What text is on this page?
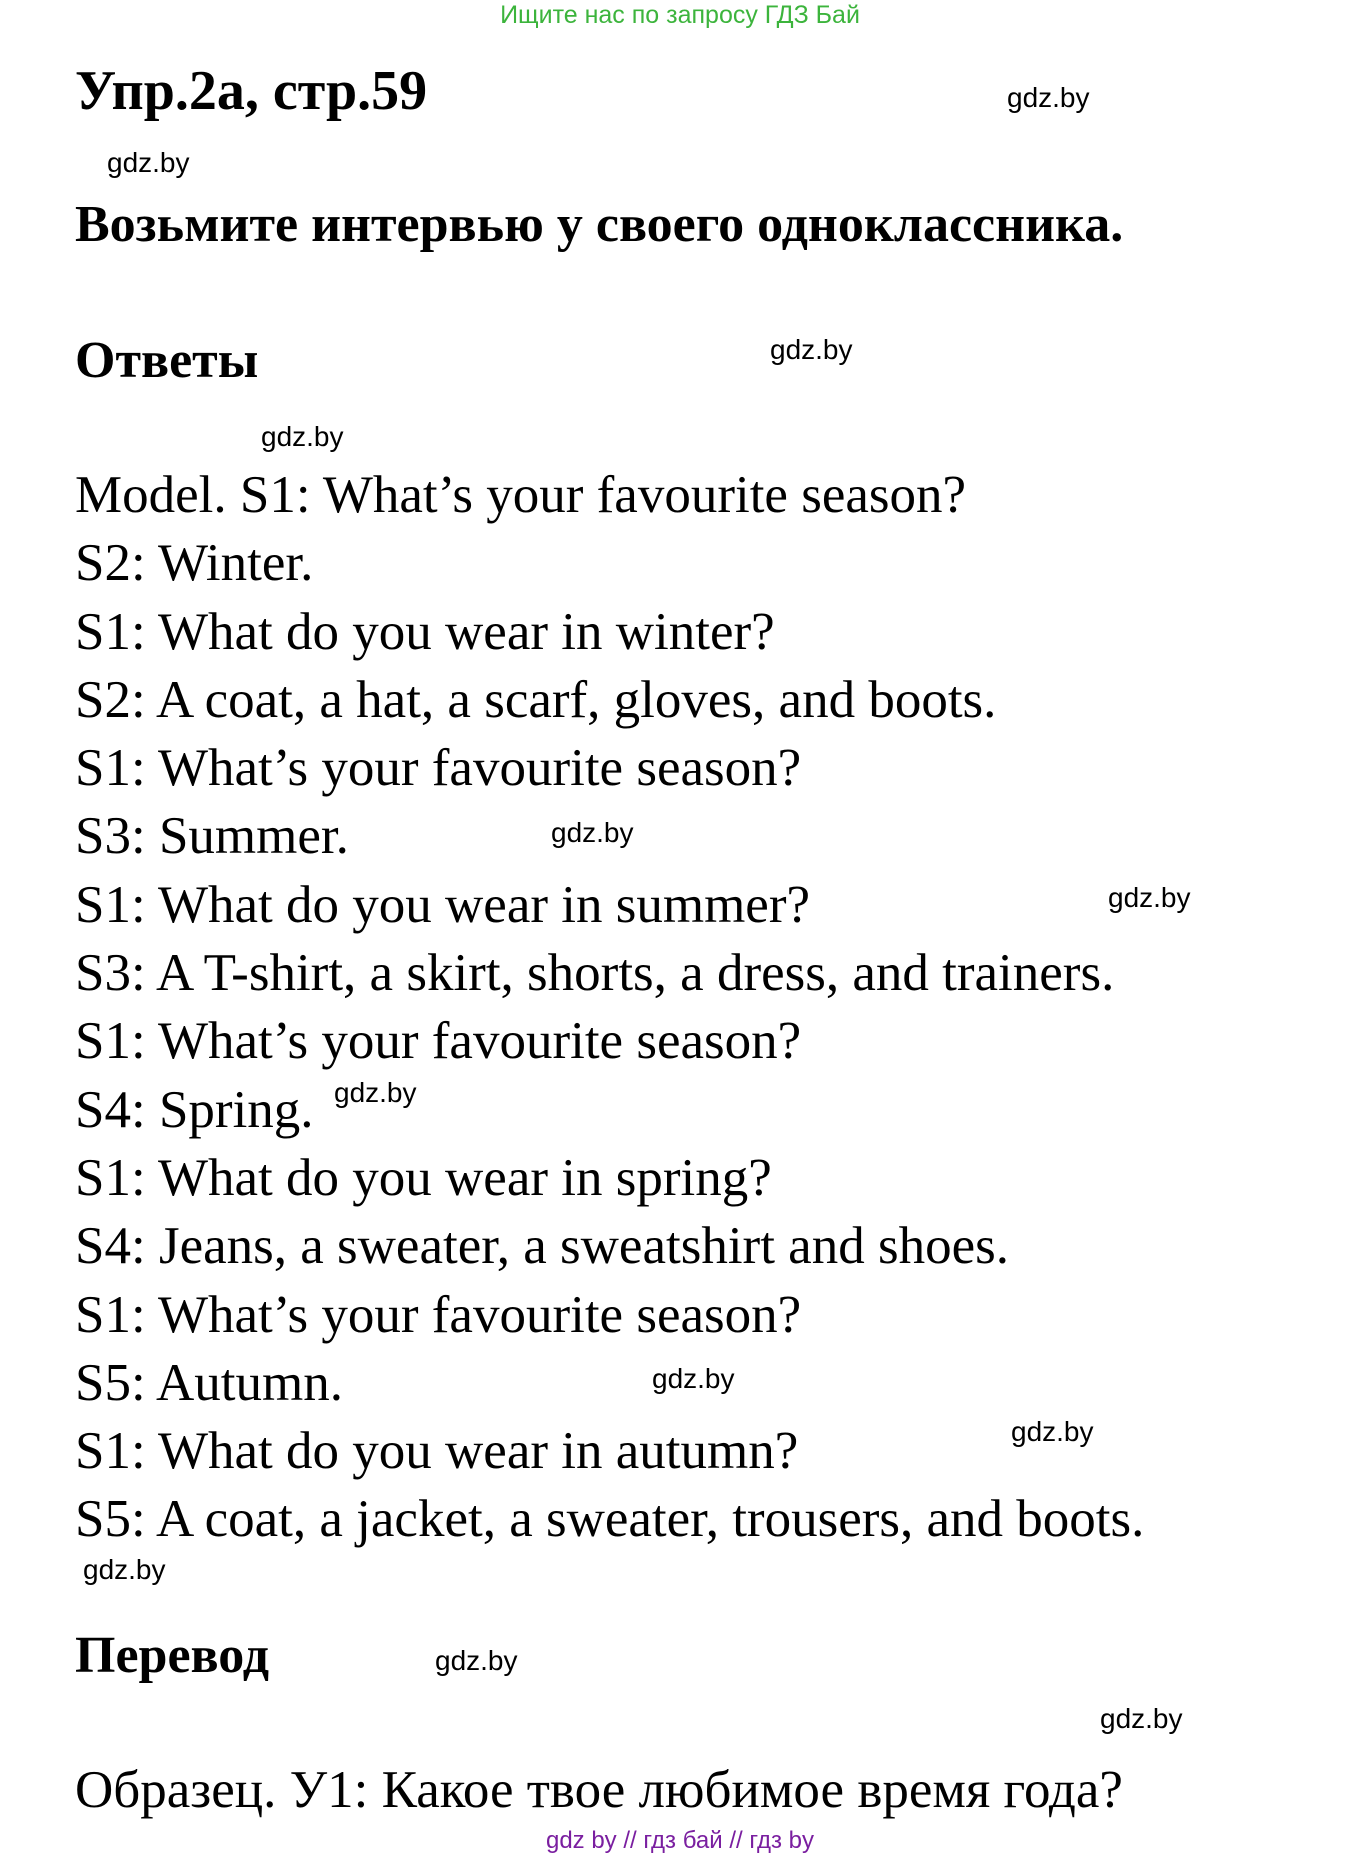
Ищите нас по запросу ГДЗ Бай
Упр.2а, стр.59
Возьмите интервью у своего одноклассника.
Ответы
Model. S1: What’s your favourite season?
S2: Winter.
S1: What do you wear in winter?
S2: A coat, a hat, a scarf, gloves, and boots.
S1: What’s your favourite season?
S3: Summer.
S1: What do you wear in summer?
S3: A T-shirt, a skirt, shorts, a dress, and trainers.
S1: What’s your favourite season?
S4: Spring.
S1: What do you wear in spring?
S4: Jeans, a sweater, a sweatshirt and shoes.
S1: What’s your favourite season?
S5: Autumn.
S1: What do you wear in autumn?
S5: A coat, a jacket, a sweater, trousers, and boots.
Перевод
Образец. У1: Какое твое любимое время года?
gdz.by
gdz.by
gdz.by
gdz.by
gdz.by
gdz.by
gdz.by
gdz.by
gdz.by
gdz.by
gdz.by
gdz.by
gdz by // гдз бай // гдз by
